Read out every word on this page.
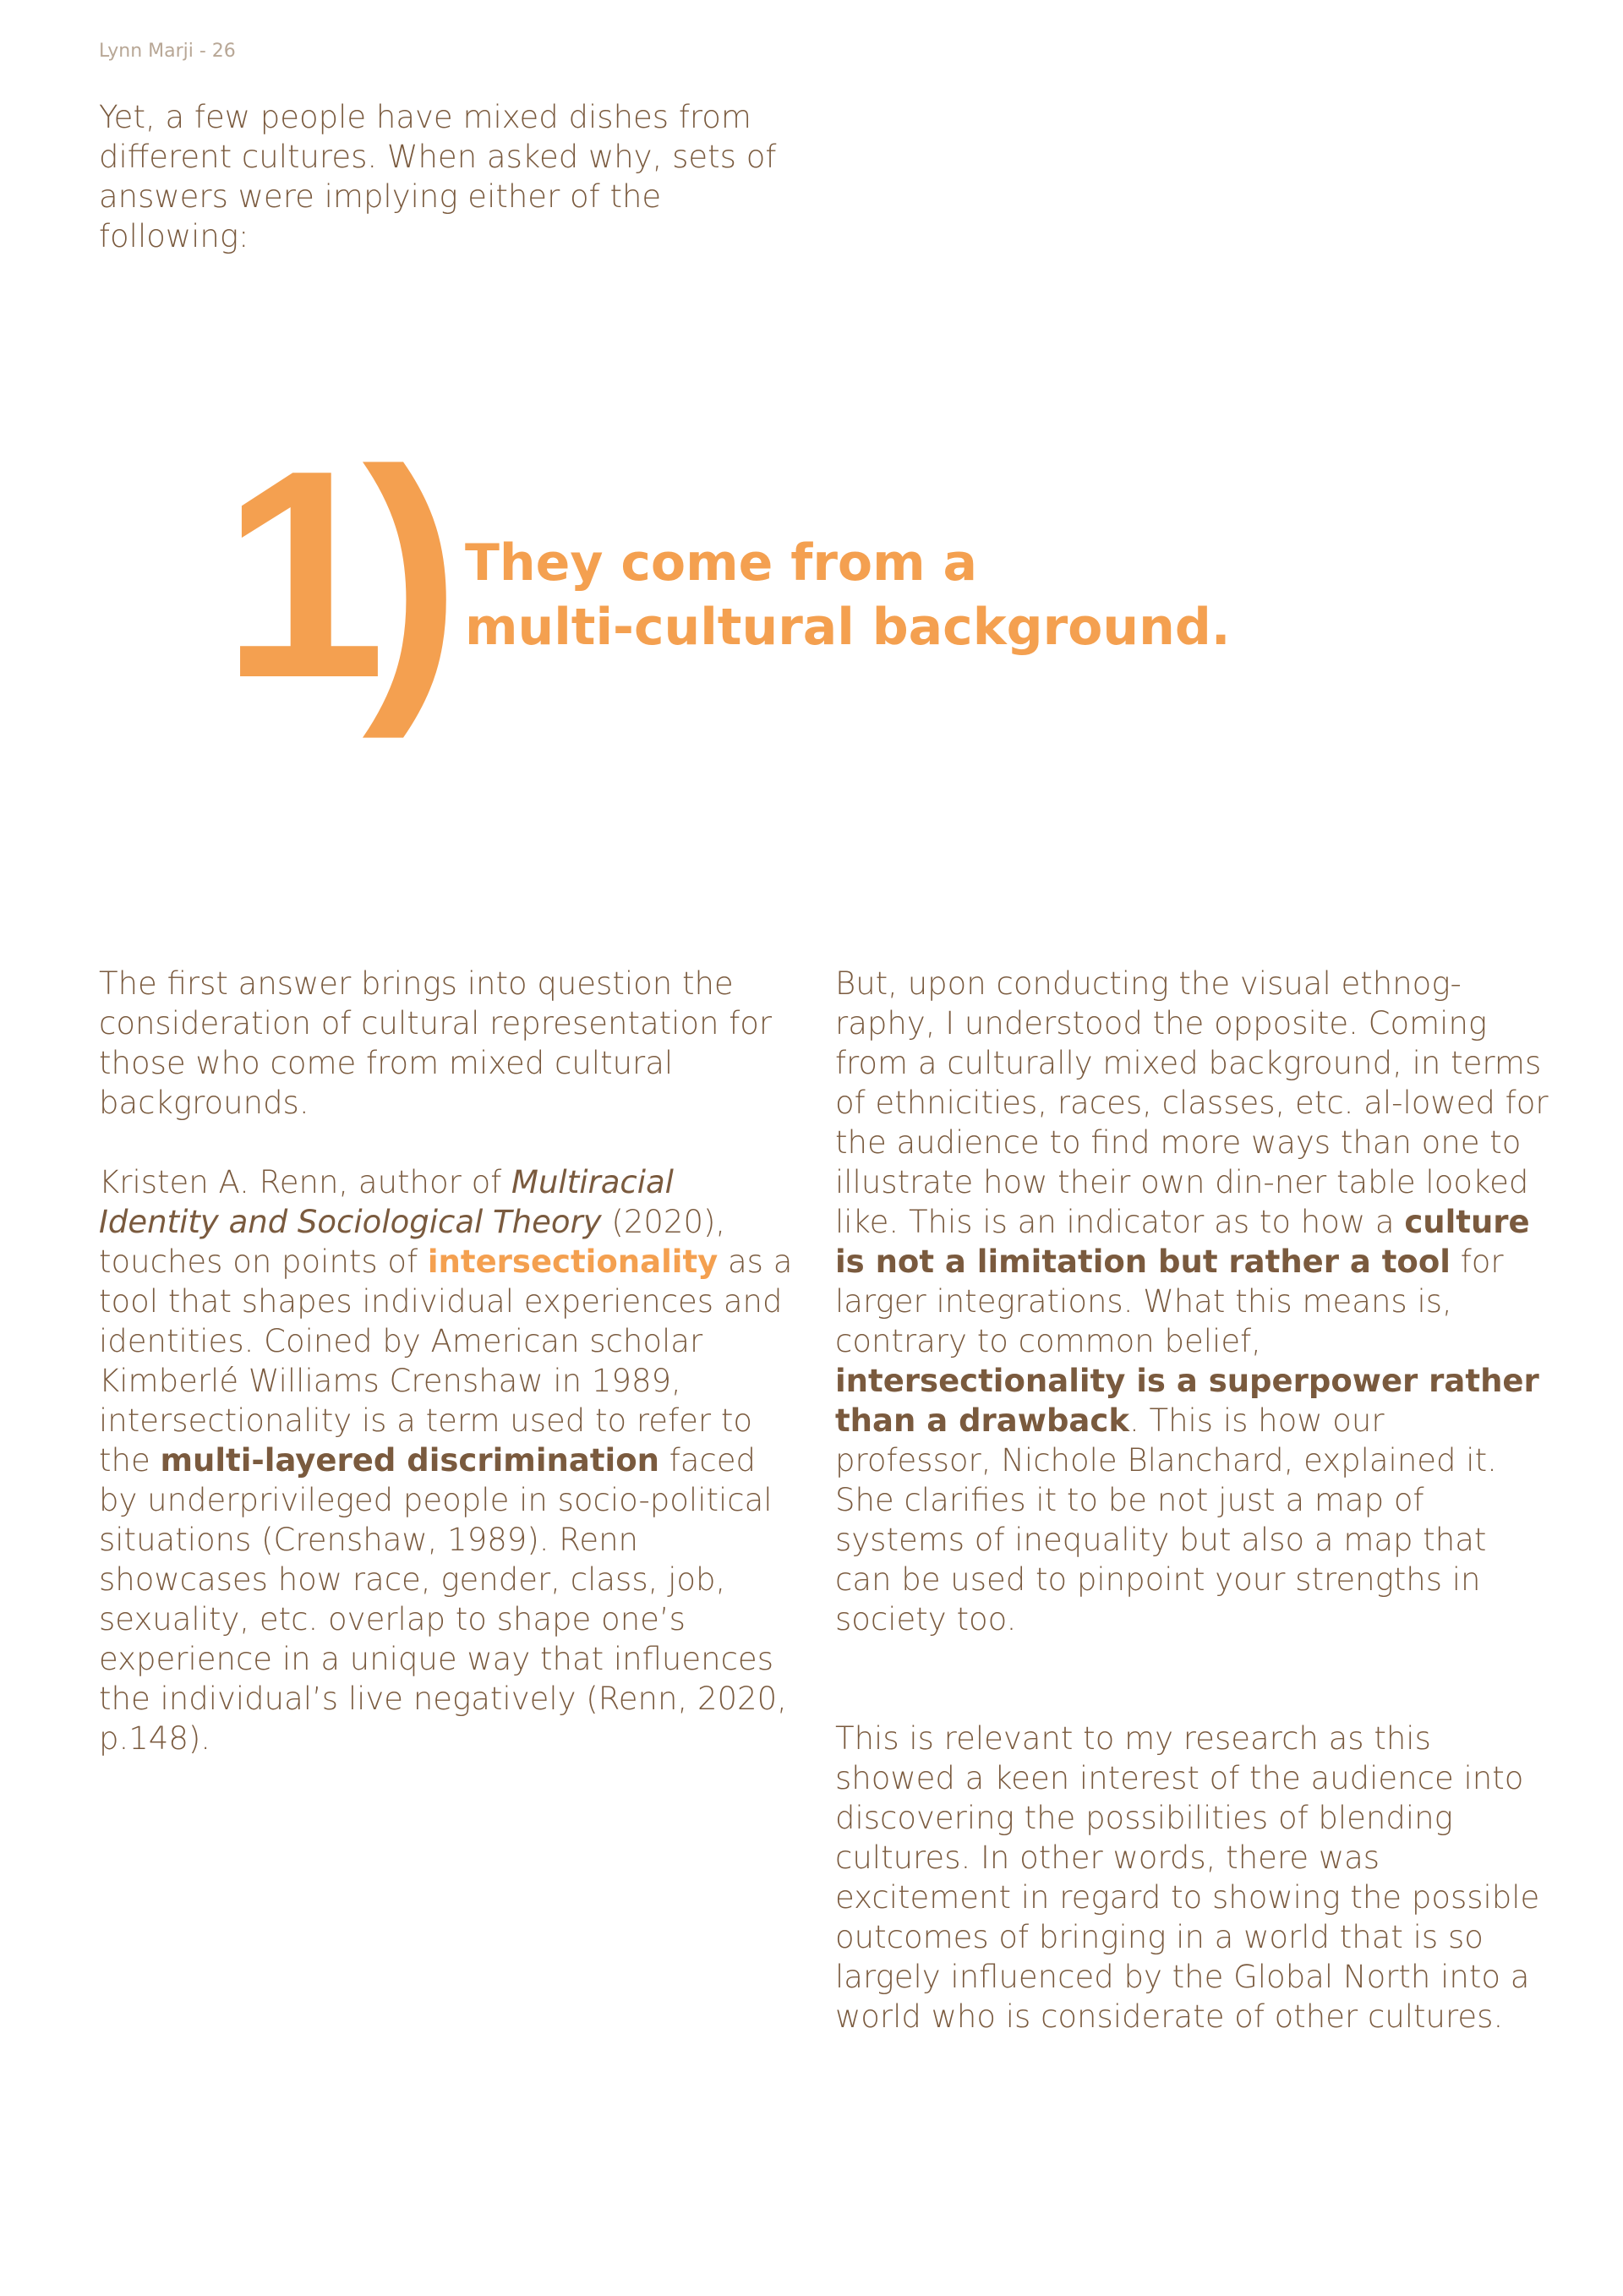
Lynn Marji - 26

Yet, a few people have mixed dishes from different cultures. When asked why, sets of answers were implying either of the following:

1) They come from a
multi-cultural background.

The first answer brings into question the consideration of cultural representation for those who come from mixed cultural backgrounds.

Kristen A. Renn, author of Multiracial Identity and Sociological Theory (2020), touches on points of intersectionality as a tool that shapes individual experiences and identities. Coined by American scholar Kimberlé Williams Crenshaw in 1989, intersectionality is a term used to refer to the multi-layered discrimination faced by underprivileged people in socio-political situations (Crenshaw, 1989). Renn showcases how race, gender, class, job, sexuality, etc. overlap to shape one’s experience in a unique way that influences the individual’s live negatively (Renn, 2020, p.148).

But, upon conducting the visual ethnog-raphy, I understood the opposite. Coming from a culturally mixed background, in terms of ethnicities, races, classes, etc. al-lowed for the audience to find more ways than one to illustrate how their own din-ner table looked like. This is an indicator as to how a culture is not a limitation but rather a tool for larger integrations. What this means is, contrary to common belief, intersectionality is a superpower rather than a drawback. This is how our professor, Nichole Blanchard, explained it. She clarifies it to be not just a map of systems of inequality but also a map that can be used to pinpoint your strengths in society too.

This is relevant to my research as this showed a keen interest of the audience into discovering the possibilities of blending cultures. In other words, there was excitement in regard to showing the possible outcomes of bringing in a world that is so largely influenced by the Global North into a world who is considerate of other cultures.
